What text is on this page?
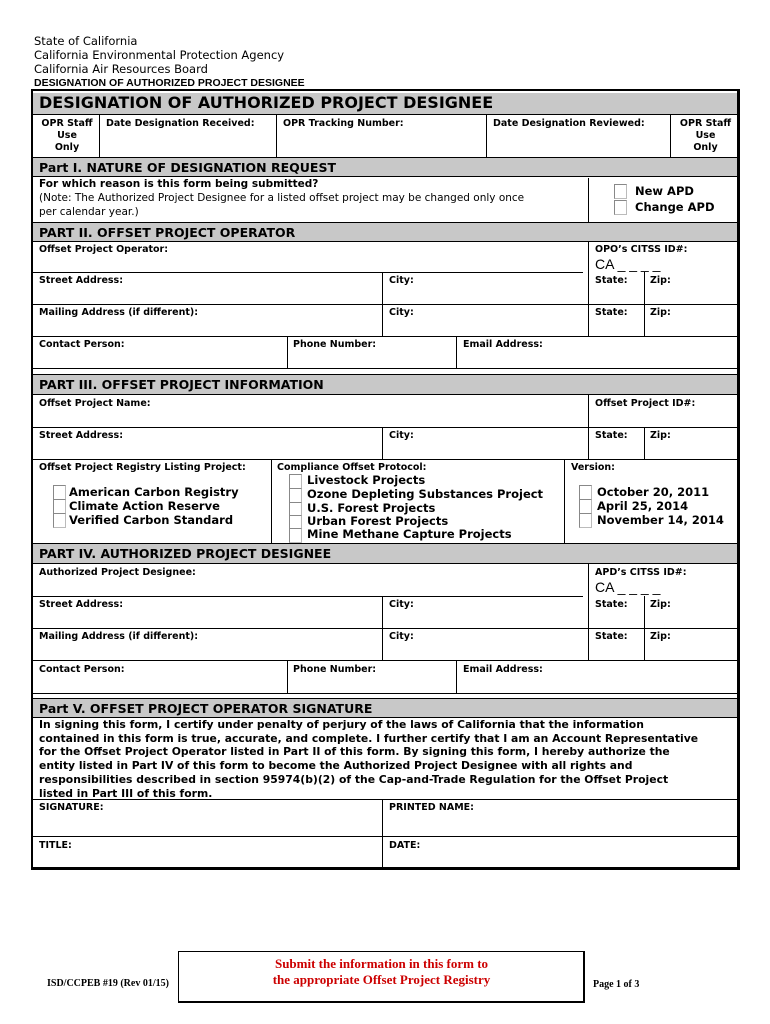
State of California
California Environmental Protection Agency
California Air Resources Board
DESIGNATION OF AUTHORIZED PROJECT DESIGNEE
DESIGNATION OF AUTHORIZED PROJECT DESIGNEE
OPR Staff
Use
Only
Date Designation Received:	OPR Tracking Number:	Date Designation Reviewed:	OPR Staff
Use
Only
Part I. NATURE OF DESIGNATION REQUEST
For which reason is this form being submitted?
(Note: The Authorized Project Designee for a listed offset project may be changed only once
per calendar year.)
New APD
Change APD
PART II. OFFSET PROJECT OPERATOR
Offset Project Operator:	OPO’s CITSS ID#:
CA _ _ _ _
Street Address:	City:	State: Zip:
Mailing Address (if different):	City:	State: Zip:
Contact Person:	Phone Number:	Email Address:
PART III. OFFSET PROJECT INFORMATION
Offset Project Name:	Offset Project ID#:
Street Address:	City:	State: Zip:
Offset Project Registry Listing Project:
American Carbon Registry
Climate Action Reserve
Verified Carbon Standard
Compliance Offset Protocol:
Livestock Projects
Ozone Depleting Substances Project
U.S. Forest Projects
Urban Forest Projects
Mine Methane Capture Projects
Version:
October 20, 2011
April 25, 2014
November 14, 2014
PART IV. AUTHORIZED PROJECT DESIGNEE
Authorized Project Designee:	APD’s CITSS ID#:
CA _ _ _ _
Street Address:	City:	State: Zip:
Mailing Address (if different):	City:	State: Zip:
Contact Person:	Phone Number:	Email Address:
Part V. OFFSET PROJECT OPERATOR SIGNATURE
In signing this form, I certify under penalty of perjury of the laws of California that the information
contained in this form is true, accurate, and complete. I further certify that I am an Account Representative
for the Offset Project Operator listed in Part II of this form. By signing this form, I hereby authorize the
entity listed in Part IV of this form to become the Authorized Project Designee with all rights and
responsibilities described in section 95974(b)(2) of the Cap-and-Trade Regulation for the Offset Project
listed in Part III of this form.
SIGNATURE:	PRINTED NAME:
TITLE:	DATE:
ISD/CCPEB #19 (Rev 01/15)
Submit the information in this form to
the appropriate Offset Project Registry	Page 1 of 3
